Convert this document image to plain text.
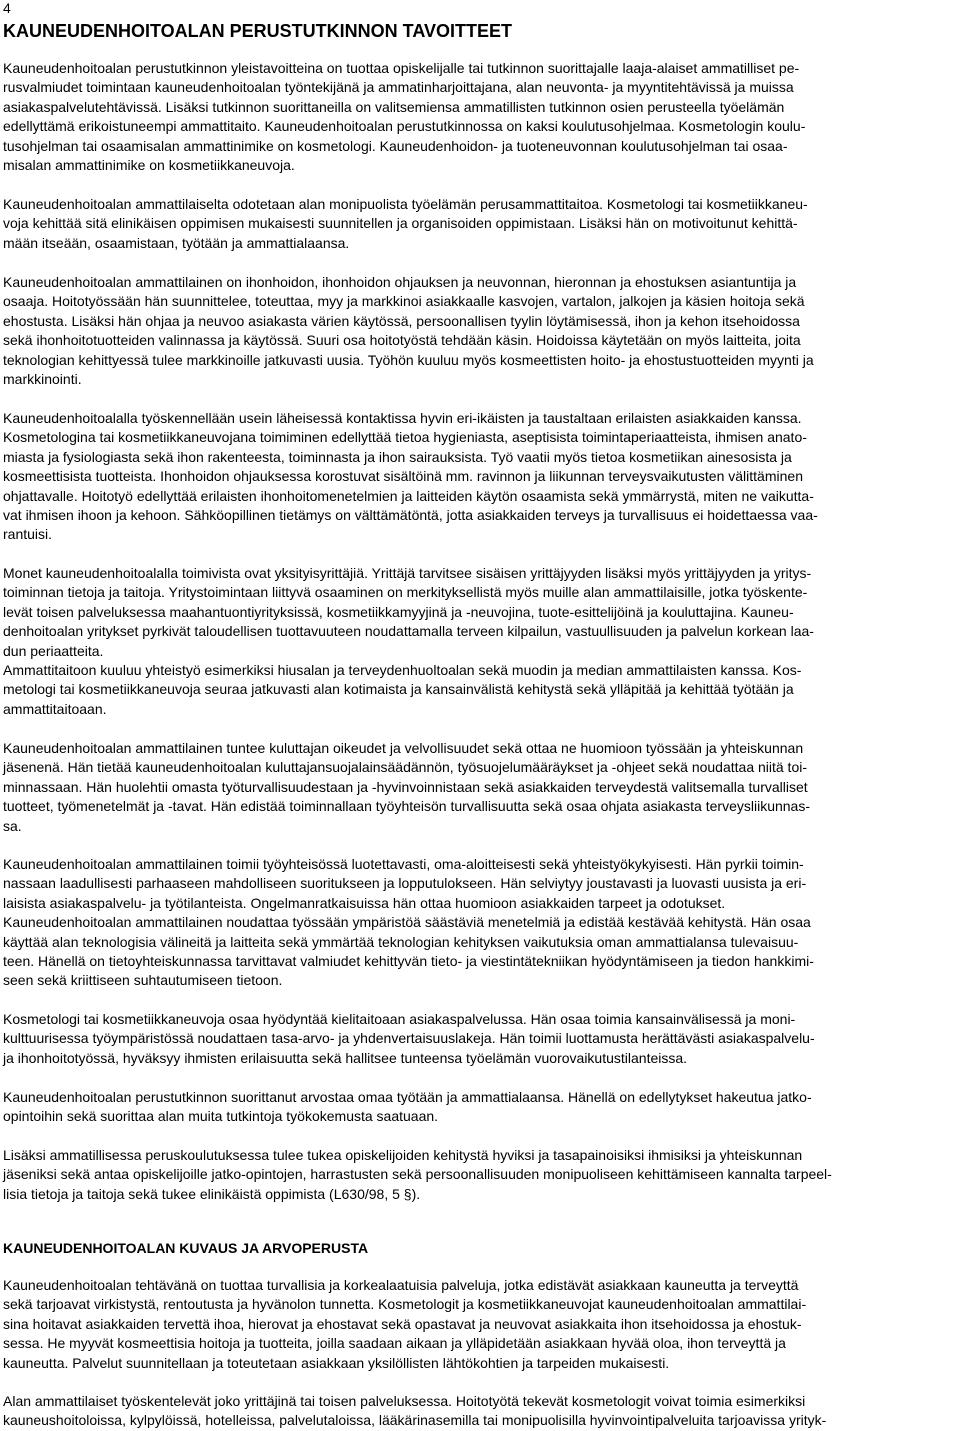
4
KAUNEUDENHOITOALAN PERUSTUTKINNON TAVOITTEET
Kauneudenhoitoalan perustutkinnon yleistavoitteina on tuottaa opiskelijalle tai tutkinnon suorittajalle laaja-alaiset ammatilliset pe-
rusvalmiudet toimintaan kauneudenhoitoalan työntekijänä ja ammatinharjoittajana, alan neuvonta- ja myyntitehtävissä ja muissa
asiakaspalvelutehtävissä. Lisäksi tutkinnon suorittaneilla on valitsemiensa ammatillisten tutkinnon osien perusteella työelämän
edellyttämä erikoistuneempi ammattitaito. Kauneudenhoitoalan perustutkinnossa on kaksi koulutusohjelmaa. Kosmetologin koulu-
tusohjelman tai osaamisalan ammattinimike on kosmetologi. Kauneudenhoidon- ja tuoteneuvonnan koulutusohjelman tai osaa-
misalan ammattinimike on kosmetiikkaneuvoja.
Kauneudenhoitoalan ammattilaiselta odotetaan alan monipuolista työelämän perusammattitaitoa. Kosmetologi tai kosmetiikkaneu-
voja kehittää sitä elinikäisen oppimisen mukaisesti suunnitellen ja organisoiden oppimistaan. Lisäksi hän on motivoitunut kehittä-
mään itseään, osaamistaan, työtään ja ammattialaansa.
Kauneudenhoitoalan ammattilainen on ihonhoidon, ihonhoidon ohjauksen ja neuvonnan, hieronnan ja ehostuksen asiantuntija ja
osaaja. Hoitotyössään hän suunnittelee, toteuttaa, myy ja markkinoi asiakkaalle kasvojen, vartalon, jalkojen ja käsien hoitoja sekä
ehostusta. Lisäksi hän ohjaa ja neuvoo asiakasta värien käytössä, persoonallisen tyylin löytämisessä, ihon ja kehon itsehoidossa
sekä ihonhoitotuotteiden valinnassa ja käytössä. Suuri osa hoitotyöstä tehdään käsin. Hoidoissa käytetään on myös laitteita, joita
teknologian kehittyessä tulee markkinoille jatkuvasti uusia. Työhön kuuluu myös kosmeettisten hoito- ja ehostustuotteiden myynti ja
markkinointi.
Kauneudenhoitoalalla työskennellään usein läheisessä kontaktissa hyvin eri-ikäisten ja taustaltaan erilaisten asiakkaiden kanssa.
Kosmetologina tai kosmetiikkaneuvojana toimiminen edellyttää tietoa hygieniasta, aseptisista toimintaperiaatteista, ihmisen anato-
miasta ja fysiologiasta sekä ihon rakenteesta, toiminnasta ja ihon sairauksista. Työ vaatii myös tietoa kosmetiikan ainesosista ja
kosmeettisista tuotteista. Ihonhoidon ohjauksessa korostuvat sisältöinä mm. ravinnon ja liikunnan terveysvaikutusten välittäminen
ohjattavalle. Hoitotyö edellyttää erilaisten ihonhoitomenetelmien ja laitteiden käytön osaamista sekä ymmärrystä, miten ne vaikutta-
vat ihmisen ihoon ja kehoon. Sähköopillinen tietämys on välttämätöntä, jotta asiakkaiden terveys ja turvallisuus ei hoidettaessa vaa-
rantuisi.
Monet kauneudenhoitoalalla toimivista ovat yksityisyrittäjiä. Yrittäjä tarvitsee sisäisen yrittäjyyden lisäksi myös yrittäjyyden ja yritys-
toiminnan tietoja ja taitoja. Yritystoimintaan liittyvä osaaminen on merkityksellistä myös muille alan ammattilaisille, jotka työskente-
levät toisen palveluksessa maahantuontiyrityksissä, kosmetiikkamyyjinä ja -neuvojina, tuote-esittelijöinä ja kouluttajina. Kauneu-
denhoitoalan yritykset pyrkivät taloudellisen tuottavuuteen noudattamalla terveen kilpailun, vastuullisuuden ja palvelun korkean laa-
dun periaatteita.
Ammattitaitoon kuuluu yhteistyö esimerkiksi hiusalan ja terveydenhuoltoalan sekä muodin ja median ammattilaisten kanssa. Kos-
metologi tai kosmetiikkaneuvoja seuraa jatkuvasti alan kotimaista ja kansainvälistä kehitystä sekä ylläpitää ja kehittää työtään ja
ammattitaitoaan.
Kauneudenhoitoalan ammattilainen tuntee kuluttajan oikeudet ja velvollisuudet sekä ottaa ne huomioon työssään ja yhteiskunnan
jäsenenä. Hän tietää kauneudenhoitoalan kuluttajansuojalainsäädännön, työsuojelumääräykset ja -ohjeet sekä noudattaa niitä toi-
minnassaan. Hän huolehtii omasta työturvallisuudestaan ja -hyvinvoinnistaan sekä asiakkaiden terveydestä valitsemalla turvalliset
tuotteet, työmenetelmät ja -tavat. Hän edistää toiminnallaan työyhteisön turvallisuutta sekä osaa ohjata asiakasta terveysliikunnas-
sa.
Kauneudenhoitoalan ammattilainen toimii työyhteisössä luotettavasti, oma-aloitteisesti sekä yhteistyökykyisesti. Hän pyrkii toimin-
nassaan laadullisesti parhaaseen mahdolliseen suoritukseen ja lopputulokseen. Hän selviytyy joustavasti ja luovasti uusista ja eri-
laisista asiakaspalvelu- ja työtilanteista. Ongelmanratkaisuissa hän ottaa huomioon asiakkaiden tarpeet ja odotukset.
Kauneudenhoitoalan ammattilainen noudattaa työssään ympäristöä säästäviä menetelmiä ja edistää kestävää kehitystä. Hän osaa
käyttää alan teknologisia välineitä ja laitteita sekä ymmärtää teknologian kehityksen vaikutuksia oman ammattialansa tulevaisuu-
teen. Hänellä on tietoyhteiskunnassa tarvittavat valmiudet kehittyvän tieto- ja viestintätekniikan hyödyntämiseen ja tiedon hankkimi-
seen sekä kriittiseen suhtautumiseen tietoon.
Kosmetologi tai kosmetiikkaneuvoja osaa hyödyntää kielitaitoaan asiakaspalvelussa. Hän osaa toimia kansainvälisessä ja moni-
kulttuurisessa työympäristössä noudattaen tasa-arvo- ja yhdenvertaisuuslakeja. Hän toimii luottamusta herättävästi asiakaspalvelu-
ja ihonhoitotyössä, hyväksyy ihmisten erilaisuutta sekä hallitsee tunteensa työelämän vuorovaikutustilanteissa.
Kauneudenhoitoalan perustutkinnon suorittanut arvostaa omaa työtään ja ammattialaansa. Hänellä on edellytykset hakeutua jatko-
opintoihin sekä suorittaa alan muita tutkintoja työkokemusta saatuaan.
Lisäksi ammatillisessa peruskoulutuksessa tulee tukea opiskelijoiden kehitystä hyviksi ja tasapainoisiksi ihmisiksi ja yhteiskunnan
jäseniksi sekä antaa opiskelijoille jatko-opintojen, harrastusten sekä persoonallisuuden monipuoliseen kehittämiseen kannalta tarpeel-
lisia tietoja ja taitoja sekä tukee elinikäistä oppimista (L630/98, 5 §).
KAUNEUDENHOITOALAN KUVAUS JA ARVOPERUSTA
Kauneudenhoitoalan tehtävänä on tuottaa turvallisia ja korkealaatuisia palveluja, jotka edistävät asiakkaan kauneutta ja terveyttä
sekä tarjoavat virkistystä, rentoutusta ja hyvänolon tunnetta. Kosmetologit ja kosmetiikkaneuvojat kauneudenhoitoalan ammattilai-
sina hoitavat asiakkaiden tervettä ihoa, hierovat ja ehostavat sekä opastavat ja neuvovat asiakkaita ihon itsehoidossa ja ehostuk-
sessa. He myyvät kosmeettisia hoitoja ja tuotteita, joilla saadaan aikaan ja ylläpidetään asiakkaan hyvää oloa, ihon terveyttä ja
kauneutta. Palvelut suunnitellaan ja toteutetaan asiakkaan yksilöllisten lähtökohtien ja tarpeiden mukaisesti.
Alan ammattilaiset työskentelevät joko yrittäjinä tai toisen palveluksessa. Hoitotyötä tekevät kosmetologit voivat toimia esimerkiksi
kauneushoitoloissa, kylpylöissä, hotelleissa, palvelutaloissa, lääkärinasemilla tai monipuolisilla hyvinvointipalveluita tarjoavissa yrityk-
